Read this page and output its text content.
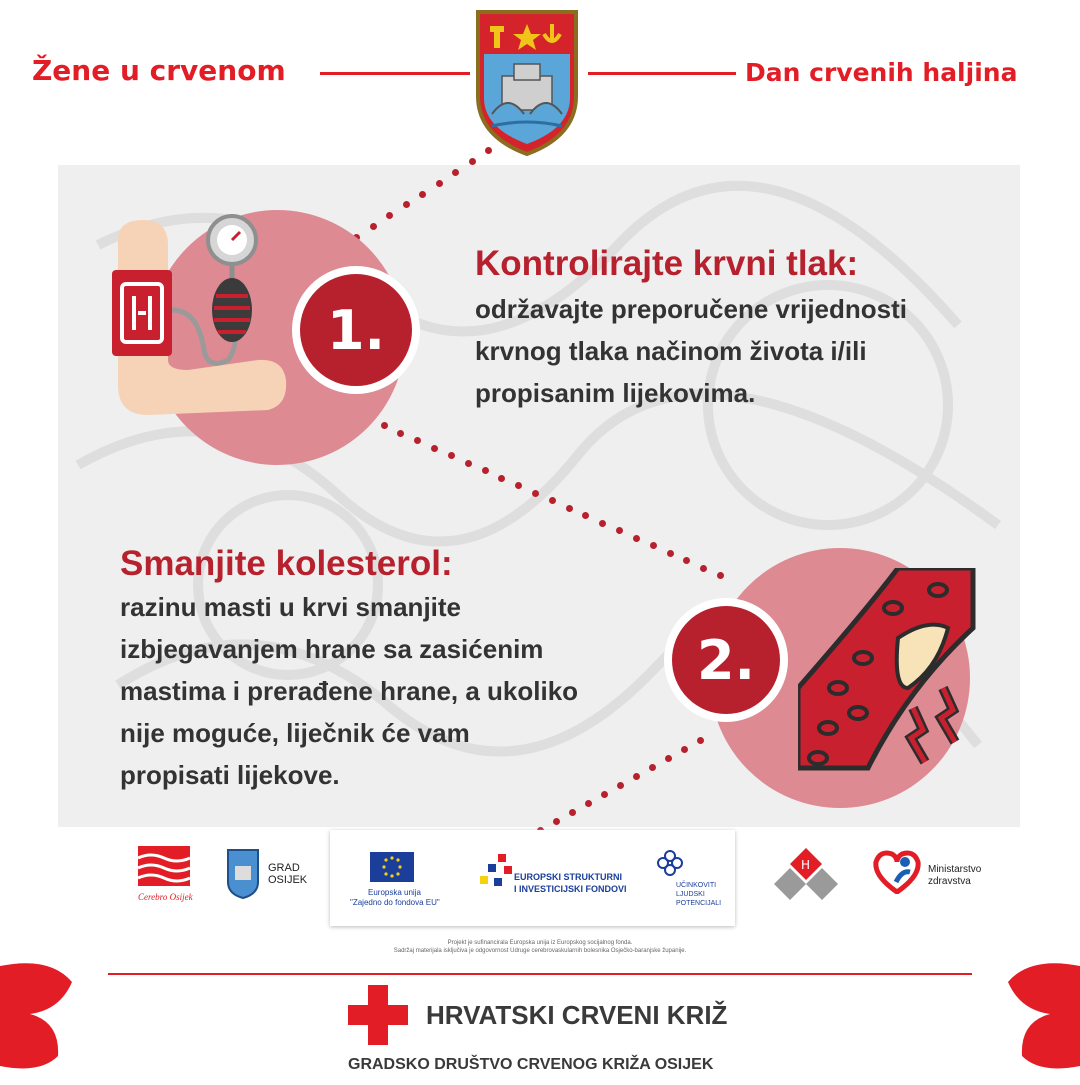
Žene u crvenom	Dan crvenih haljina
1.
Kontrolirajte krvni tlak:
održavajte preporučene vrijednosti
krvnog tlaka načinom života i/ili
propisanim lijekovima.
Smanjite kolesterol:
razinu masti u krvi smanjite
izbjegavanjem hrane sa zasićenim
mastima i prerađene hrane, a ukoliko
nije moguće, liječnik će vam
propisati lijekove.
2.
Cerebro Osijek
GRAD
OSIJEK
Europska unija
"Zajedno do fondova EU"
EUROPSKI STRUKTURNI
I INVESTICIJSKI FONDOVI	UČINKOVITI
LJUDSKI
POTENCIJALI
H	Ministarstvo
zdravstva
Projekt je sufinancirala Europska unija iz Europskog socijalnog fonda.
Sadržaj materijala isključiva je odgovornost Udruge cerebrovaskularnih bolesnika Osječko-baranjske županije.
HRVATSKI CRVENI KRIŽ
GRADSKO DRUŠTVO CRVENOG KRIŽA OSIJEK
